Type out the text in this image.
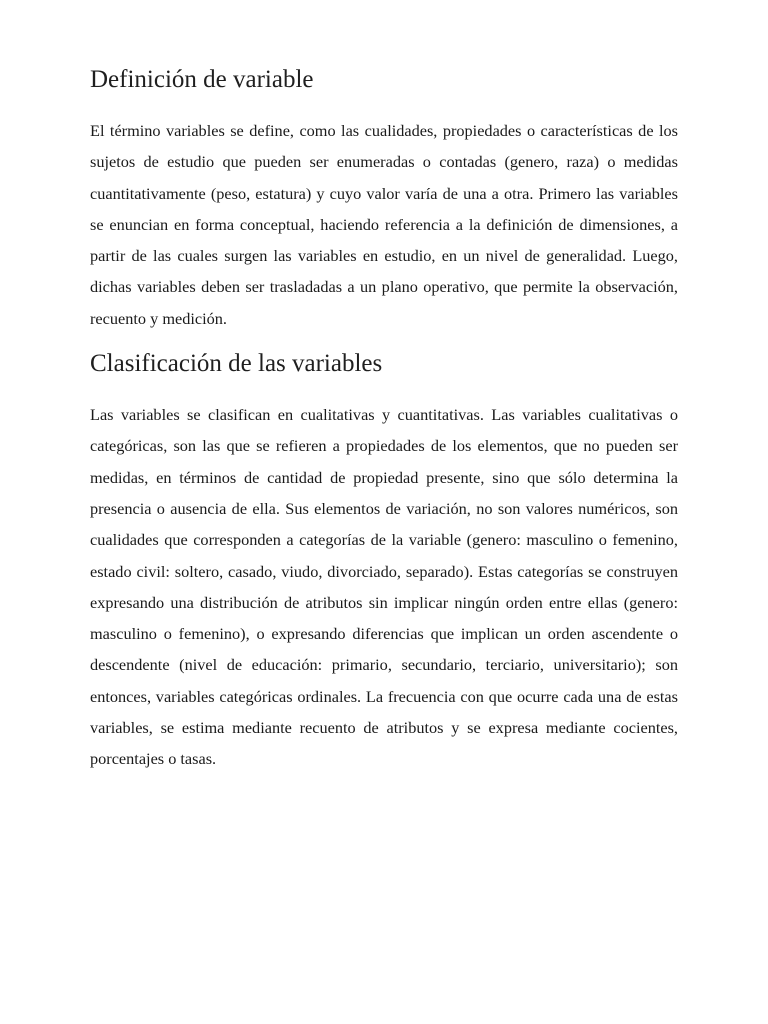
Definición de variable

El término variables se define, como las cualidades, propiedades o características de los sujetos de estudio que pueden ser enumeradas o contadas (genero, raza) o medidas cuantitativamente (peso, estatura) y cuyo valor varía de una a otra. Primero las variables se enuncian en forma conceptual, haciendo referencia a la definición de dimensiones, a partir de las cuales surgen las variables en estudio, en un nivel de generalidad. Luego, dichas variables deben ser trasladadas a un plano operativo, que permite la observación, recuento y medición.

Clasificación de las variables

Las variables se clasifican en cualitativas y cuantitativas. Las variables cualitativas o categóricas, son las que se refieren a propiedades de los elementos, que no pueden ser medidas, en términos de cantidad de propiedad presente, sino que sólo determina la presencia o ausencia de ella. Sus elementos de variación, no son valores numéricos, son cualidades que corresponden a categorías de la variable (genero: masculino o femenino, estado civil: soltero, casado, viudo, divorciado, separado). Estas categorías se construyen expresando una distribución de atributos sin implicar ningún orden entre ellas (genero: masculino o femenino), o expresando diferencias que implican un orden ascendente o descendente (nivel de educación: primario, secundario, terciario, universitario); son entonces, variables categóricas ordinales. La frecuencia con que ocurre cada una de estas variables, se estima mediante recuento de atributos y se expresa mediante cocientes, porcentajes o tasas.
